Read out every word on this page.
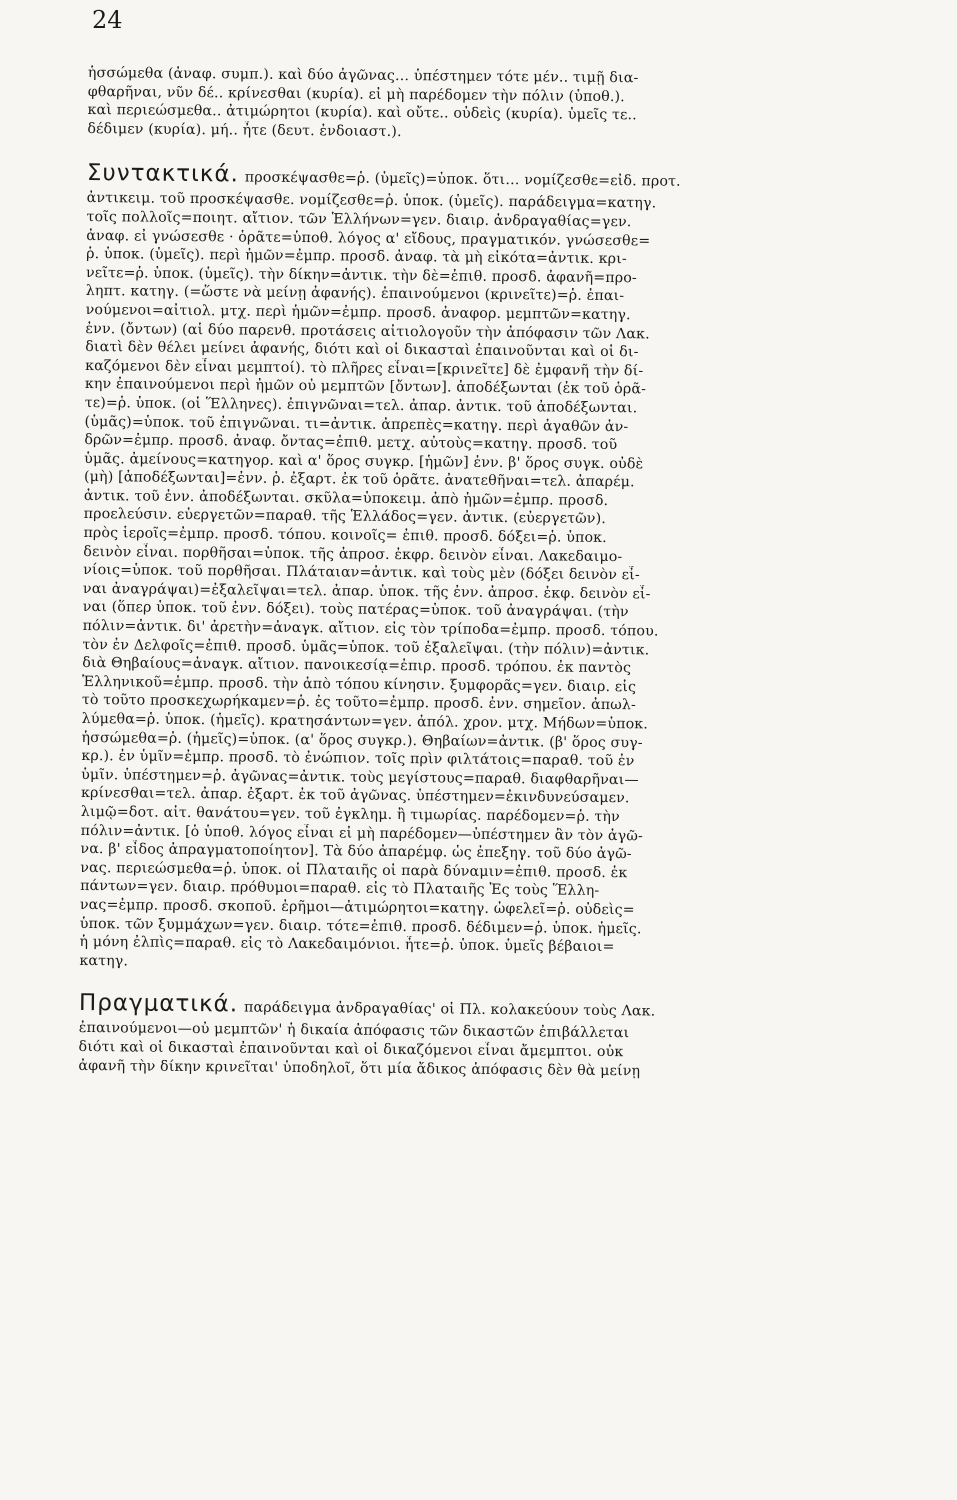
24
ἡσσώμεθα (ἀναφ. συμπ.). καὶ δύο ἀγῶνας… ὑπέστημεν τότε μέν.. τιμῇ δια-
φθαρῆναι, νῦν δέ.. κρίνεσθαι (κυρία). εἰ μὴ παρέδομεν τὴν πόλιν (ὑποθ.).
καὶ περιεώσμεθα.. ἀτιμώρητοι (κυρία). καὶ οὔτε.. οὐδεὶς (κυρία). ὑμεῖς τε..
δέδιμεν (κυρία). μή.. ἦτε (δευτ. ἐνδοιαστ.).
Συντακτικά. προσκέψασθε=ῥ. (ὑμεῖς)=ὑποκ. ὅτι… νομίζεσθε=εἰδ. προτ.
ἀντικειμ. τοῦ προσκέψασθε. νομίζεσθε=ῥ. ὑποκ. (ὑμεῖς). παράδειγμα=κατηγ.
τοῖς πολλοῖς=ποιητ. αἴτιον. τῶν Ἑλλήνων=γεν. διαιρ. ἀνδραγαθίας=γεν.
ἀναφ. εἰ γνώσεσθε · ὁρᾶτε=ὑποθ. λόγος α' εἴδους, πραγματικόν. γνώσεσθε=
ῥ. ὑποκ. (ὑμεῖς). περὶ ἡμῶν=ἐμπρ. προσδ. ἀναφ. τὰ μὴ εἰκότα=ἀντικ. κρι-
νεῖτε=ῥ. ὑποκ. (ὑμεῖς). τὴν δίκην=ἀντικ. τὴν δὲ=ἐπιθ. προσδ. ἀφανῆ=προ-
ληπτ. κατηγ. (=ὥστε νὰ μείνῃ ἀφανής). ἐπαινούμενοι (κρινεῖτε)=ῥ. ἐπαι-
νούμενοι=αἰτιολ. μτχ. περὶ ἡμῶν=ἐμπρ. προσδ. ἀναφορ. μεμπτῶν=κατηγ.
ἐνν. (ὄντων) (αἱ δύο παρενθ. προτάσεις αἰτιολογοῦν τὴν ἀπόφασιν τῶν Λακ.
διατὶ δὲν θέλει μείνει ἀφανής, διότι καὶ οἱ δικασταὶ ἐπαινοῦνται καὶ οἱ δι-
καζόμενοι δὲν εἶναι μεμπτοί). τὸ πλῆρες εἶναι=[κρινεῖτε] δὲ ἐμφανῆ τὴν δί-
κην ἐπαινούμενοι περὶ ἡμῶν οὐ μεμπτῶν [ὄντων]. ἀποδέξωνται (ἐκ τοῦ ὁρᾶ-
τε)=ῥ. ὑποκ. (οἱ Ἕλληνες). ἐπιγνῶναι=τελ. ἀπαρ. ἀντικ. τοῦ ἀποδέξωνται.
(ὑμᾶς)=ὑποκ. τοῦ ἐπιγνῶναι. τι=ἀντικ. ἀπρεπὲς=κατηγ. περὶ ἀγαθῶν ἀν-
δρῶν=ἐμπρ. προσδ. ἀναφ. ὄντας=ἐπιθ. μετχ. αὐτοὺς=κατηγ. προσδ. τοῦ
ὑμᾶς. ἀμείνους=κατηγορ. καὶ α' ὅρος συγκρ. [ἡμῶν] ἐνν. β' ὅρος συγκ. οὐδὲ
(μὴ) [ἀποδέξωνται]=ἐνν. ῥ. ἐξαρτ. ἐκ τοῦ ὁρᾶτε. ἀνατεθῆναι=τελ. ἀπαρέμ.
ἀντικ. τοῦ ἐνν. ἀποδέξωνται. σκῦλα=ὑποκειμ. ἀπὸ ἡμῶν=ἐμπρ. προσδ.
προελεύσιν. εὐεργετῶν=παραθ. τῆς Ἑλλάδος=γεν. ἀντικ. (εὐεργετῶν).
πρὸς ἱεροῖς=ἐμπρ. προσδ. τόπου. κοινοῖς= ἐπιθ. προσδ. δόξει=ῥ. ὑποκ.
δεινὸν εἶναι. πορθῆσαι=ὑποκ. τῆς ἀπροσ. ἐκφρ. δεινὸν εἶναι. Λακεδαιμο-
νίοις=ὑποκ. τοῦ πορθῆσαι. Πλάταιαν=ἀντικ. καὶ τοὺς μὲν (δόξει δεινὸν εἶ-
ναι ἀναγράψαι)=ἐξαλεῖψαι=τελ. ἀπαρ. ὑποκ. τῆς ἐνν. ἀπροσ. ἐκφ. δεινὸν εἶ-
ναι (ὅπερ ὑποκ. τοῦ ἐνν. δόξει). τοὺς πατέρας=ὑποκ. τοῦ ἀναγράψαι. (τὴν
πόλιν=ἀντικ. δι' ἀρετὴν=ἀναγκ. αἴτιον. εἰς τὸν τρίποδα=ἐμπρ. προσδ. τόπου.
τὸν ἐν Δελφοῖς=ἐπιθ. προσδ. ὑμᾶς=ὑποκ. τοῦ ἐξαλεῖψαι. (τὴν πόλιν)=ἀντικ.
διὰ Θηβαίους=ἀναγκ. αἴτιον. πανοικεσίᾳ=ἐπιρ. προσδ. τρόπου. ἐκ παντὸς
Ἑλληνικοῦ=ἐμπρ. προσδ. τὴν ἀπὸ τόπου κίνησιν. ξυμφορᾶς=γεν. διαιρ. εἰς
τὸ τοῦτο προσκεχωρήκαμεν=ῥ. ἐς τοῦτο=ἐμπρ. προσδ. ἐνν. σημεῖον. ἀπωλ-
λύμεθα=ῥ. ὑποκ. (ἡμεῖς). κρατησάντων=γεν. ἀπόλ. χρον. μτχ. Μήδων=ὑποκ.
ἡσσώμεθα=ῥ. (ἡμεῖς)=ὑποκ. (α' ὅρος συγκρ.). Θηβαίων=ἀντικ. (β' ὅρος συγ-
κρ.). ἐν ὑμῖν=ἐμπρ. προσδ. τὸ ἐνώπιον. τοῖς πρὶν φιλτάτοις=παραθ. τοῦ ἐν
ὑμῖν. ὑπέστημεν=ῥ. ἀγῶνας=ἀντικ. τοὺς μεγίστους=παραθ. διαφθαρῆναι—
κρίνεσθαι=τελ. ἀπαρ. ἐξαρτ. ἐκ τοῦ ἀγῶνας. ὑπέστημεν=ἐκινδυνεύσαμεν.
λιμῷ=δοτ. αἰτ. θανάτου=γεν. τοῦ ἐγκλημ. ἢ τιμωρίας. παρέδομεν=ῥ. τὴν
πόλιν=ἀντικ. [ὁ ὑποθ. λόγος εἶναι εἰ μὴ παρέδομεν—ὑπέστημεν ἂν τὸν ἀγῶ-
να. β' εἶδος ἀπραγματοποίητον]. Τὰ δύο ἀπαρέμφ. ὡς ἐπεξηγ. τοῦ δύο ἀγῶ-
νας. περιεώσμεθα=ῥ. ὑποκ. οἱ Πλαταιῆς οἱ παρὰ δύναμιν=ἐπιθ. προσδ. ἐκ
πάντων=γεν. διαιρ. πρόθυμοι=παραθ. εἰς τὸ Πλαταιῆς Ἐς τοὺς Ἕλλη-
νας=ἐμπρ. προσδ. σκοποῦ. ἐρῆμοι—ἀτιμώρητοι=κατηγ. ὠφελεῖ=ῥ. οὐδεὶς=
ὑποκ. τῶν ξυμμάχων=γεν. διαιρ. τότε=ἐπιθ. προσδ. δέδιμεν=ῥ. ὑποκ. ἡμεῖς.
ἡ μόνη ἐλπὶς=παραθ. εἰς τὸ Λακεδαιμόνιοι. ἦτε=ῥ. ὑποκ. ὑμεῖς βέβαιοι=
κατηγ.
Πραγματικά. παράδειγμα ἀνδραγαθίας' οἱ Πλ. κολακεύουν τοὺς Λακ.
ἐπαινούμενοι—οὐ μεμπτῶν' ἡ δικαία ἀπόφασις τῶν δικαστῶν ἐπιβάλλεται
διότι καὶ οἱ δικασταὶ ἐπαινοῦνται καὶ οἱ δικαζόμενοι εἶναι ἄμεμπτοι. οὐκ
ἀφανῆ τὴν δίκην κρινεῖται' ὑποδηλοῖ, ὅτι μία ἄδικος ἀπόφασις δὲν θὰ μείνῃ
